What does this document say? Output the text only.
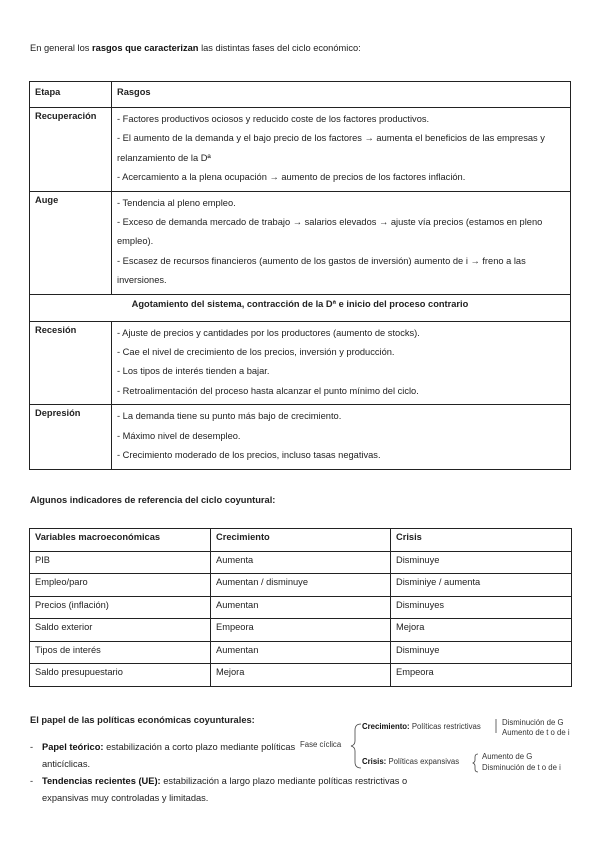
En general los rasgos que caracterizan las distintas fases del ciclo económico:
Etapa	Rasgos
Recuperación	- Factores productivos ociosos y reducido coste de los factores productivos.
- El aumento de la demanda y el bajo precio de los factores → aumenta el beneficios de las empresas y relanzamiento de la Dª
- Acercamiento a la plena ocupación → aumento de precios de los factores inflación.

Auge	- Tendencia al pleno empleo.
- Exceso de demanda mercado de trabajo → salarios elevados → ajuste vía precios (estamos en pleno empleo).
- Escasez de recursos financieros (aumento de los gastos de inversión) aumento de i → freno a las inversiones.

Agotamiento del sistema, contracción de la Dª e inicio del proceso contrario	
Recesión	- Ajuste de precios y cantidades por los productores (aumento de stocks).
- Cae el nivel de crecimiento de los precios, inversión y producción.
- Los tipos de interés tienden a bajar.
- Retroalimentación del proceso hasta alcanzar el punto mínimo del ciclo.

Depresión	- La demanda tiene su punto más bajo de crecimiento.
- Máximo nivel de desempleo.
- Crecimiento moderado de los precios, incluso tasas negativas.
Algunos indicadores de referencia del ciclo coyuntural:
Variables macroeconómicas	Crecimiento	Crisis
PIB	Aumenta	Disminuye
Empleo/paro	Aumentan / disminuye	Disminiye / aumenta
Precios (inflación)	Aumentan	Disminuyes
Saldo exterior	Empeora	Mejora
Tipos de interés	Aumentan	Disminuye
Saldo presupuestario	Mejora	Empeora
El papel de las políticas económicas coyunturales:
- Papel teórico: estabilización a corto plazo mediante políticas anticíclicas.
- Tendencias recientes (UE): estabilización a largo plazo mediante políticas restrictivas o expansivas muy controladas y limitadas.
Fase cíclica
Crecimiento: Políticas restrictivas	Disminución de G
Aumento de t o de i
Crisis: Políticas expansivas
Aumento de G
Disminución de t o de i
